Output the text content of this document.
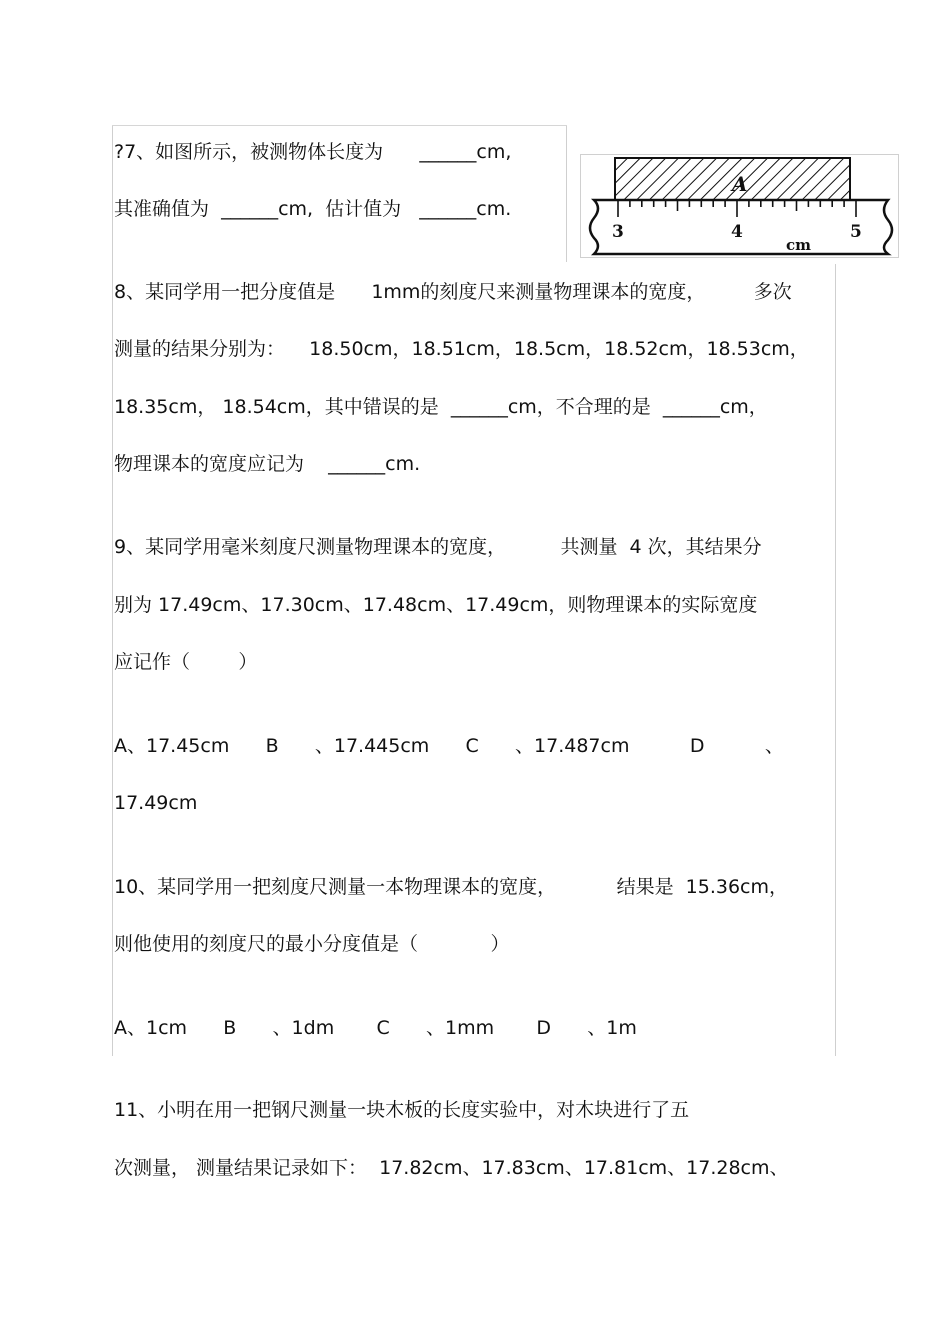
?7、如图所示，被测物体长度为      ______cm,
其准确值为  ______cm,  估计值为   ______cm.
A
3	4	5
cm
8、某同学用一把分度值是      1mm的刻度尺来测量物理课本的宽度，        多次
测量的结果分别为：    18.50cm，18.51cm，18.5cm，18.52cm，18.53cm，
18.35cm， 18.54cm，其中错误的是  ______cm，不合理的是  ______cm，
物理课本的宽度应记为    ______cm.
9、某同学用毫米刻度尺测量物理课本的宽度，         共测量  4 次，其结果分
别为 17.49cm、17.30cm、17.48cm、17.49cm，则物理课本的实际宽度
应记作（        ）
A、17.45cm      B      、17.445cm      C      、17.487cm          D          、
17.49cm
10、某同学用一把刻度尺测量一本物理课本的宽度，          结果是  15.36cm，
则他使用的刻度尺的最小分度值是（            ）
A、1cm      B      、1dm       C      、1mm       D      、1m
11、小明在用一把钢尺测量一块木板的长度实验中，对木块进行了五
次测量， 测量结果记录如下：  17.82cm、17.83cm、17.81cm、17.28cm、
